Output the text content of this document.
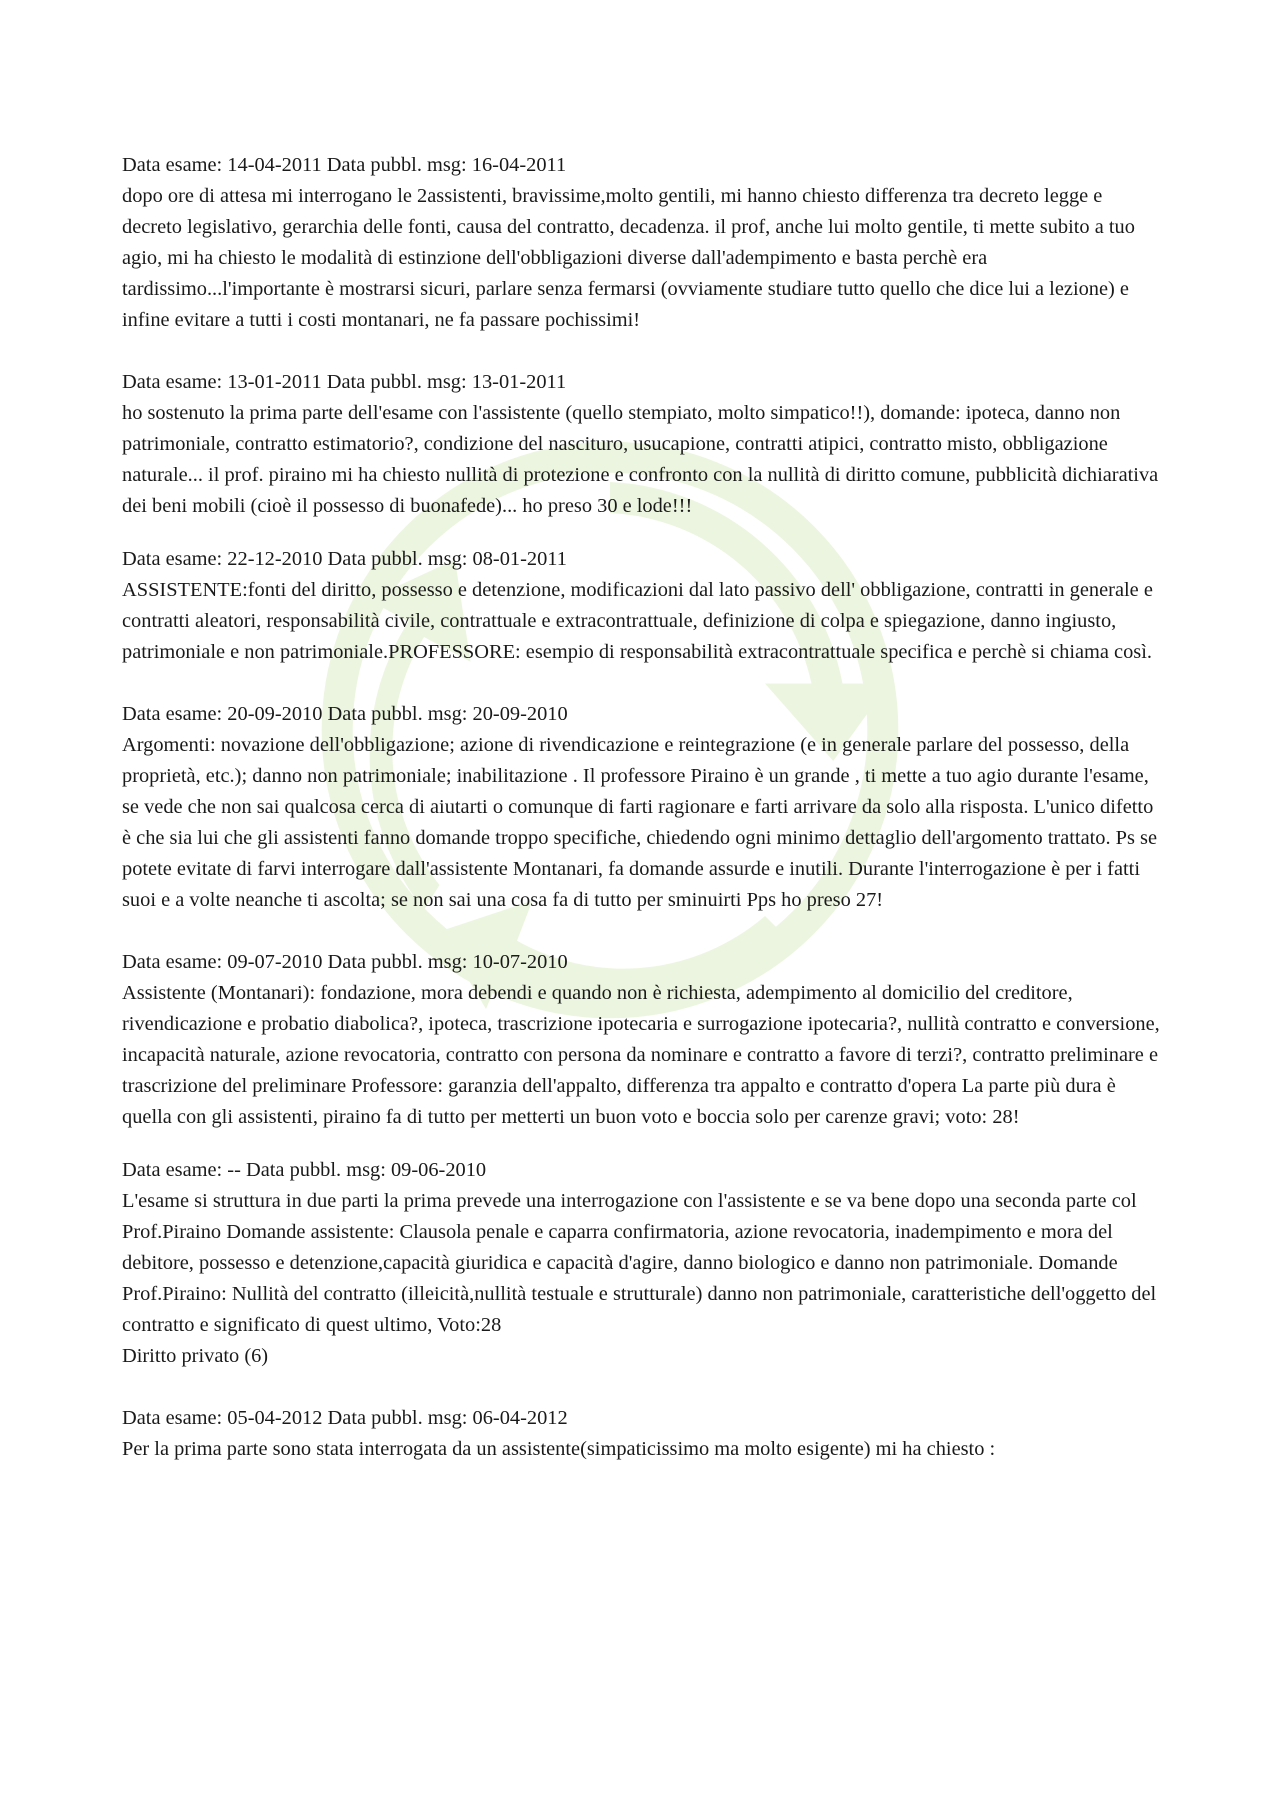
Data esame: 14-04-2011 Data pubbl. msg: 16-04-2011

dopo ore di attesa mi interrogano le 2assistenti, bravissime,molto gentili, mi hanno chiesto differenza tra decreto legge e decreto legislativo, gerarchia delle fonti, causa del contratto, decadenza. il prof, anche lui molto gentile, ti mette subito a tuo agio, mi ha chiesto le modalità di estinzione dell'obbligazioni diverse dall'adempimento e basta perchè era tardissimo...l'importante è mostrarsi sicuri, parlare senza fermarsi (ovviamente studiare tutto quello che dice lui a lezione) e infine evitare a tutti i costi montanari, ne fa passare pochissimi!

Data esame: 13-01-2011 Data pubbl. msg: 13-01-2011

ho sostenuto la prima parte dell'esame con l'assistente (quello stempiato, molto simpatico!!), domande: ipoteca, danno non patrimoniale, contratto estimatorio?, condizione del nascituro, usucapione, contratti atipici, contratto misto, obbligazione naturale... il prof. piraino mi ha chiesto nullità di protezione e confronto con la nullità di diritto comune, pubblicità dichiarativa dei beni mobili (cioè il possesso di buonafede)... ho preso 30 e lode!!!

Data esame: 22-12-2010 Data pubbl. msg: 08-01-2011

ASSISTENTE:fonti del diritto, possesso e detenzione, modificazioni dal lato passivo dell' obbligazione, contratti in generale e contratti aleatori, responsabilità civile, contrattuale e extracontrattuale, definizione di colpa e spiegazione, danno ingiusto, patrimoniale e non patrimoniale.PROFESSORE: esempio di responsabilità extracontrattuale specifica e perchè si chiama così.

Data esame: 20-09-2010 Data pubbl. msg: 20-09-2010

Argomenti: novazione dell'obbligazione; azione di rivendicazione e reintegrazione (e in generale parlare del possesso, della proprietà, etc.); danno non patrimoniale; inabilitazione . Il professore Piraino è un grande , ti mette a tuo agio durante l'esame, se vede che non sai qualcosa cerca di aiutarti o comunque di farti ragionare e farti arrivare da solo alla risposta. L'unico difetto è che sia lui che gli assistenti fanno domande troppo specifiche, chiedendo ogni minimo dettaglio dell'argomento trattato. Ps se potete evitate di farvi interrogare dall'assistente Montanari, fa domande assurde e inutili. Durante l'interrogazione è per i fatti suoi e a volte neanche ti ascolta; se non sai una cosa fa di tutto per sminuirti Pps ho preso 27!

Data esame: 09-07-2010 Data pubbl. msg: 10-07-2010

Assistente (Montanari): fondazione, mora debendi e quando non è richiesta, adempimento al domicilio del creditore, rivendicazione e probatio diabolica?, ipoteca, trascrizione ipotecaria e surrogazione ipotecaria?, nullità contratto e conversione, incapacità naturale, azione revocatoria, contratto con persona da nominare e contratto a favore di terzi?, contratto preliminare e trascrizione del preliminare Professore: garanzia dell'appalto, differenza tra appalto e contratto d'opera La parte più dura è quella con gli assistenti, piraino fa di tutto per metterti un buon voto e boccia solo per carenze gravi; voto: 28!

Data esame: -- Data pubbl. msg: 09-06-2010

L'esame si struttura in due parti la prima prevede una interrogazione con l'assistente e se va bene dopo una seconda parte col Prof.Piraino Domande assistente: Clausola penale e caparra confirmatoria, azione revocatoria, inadempimento e mora del debitore, possesso e detenzione,capacità giuridica e capacità d'agire, danno biologico e danno non patrimoniale. Domande Prof.Piraino: Nullità del contratto (illeicità,nullità testuale e strutturale) danno non patrimoniale, caratteristiche dell'oggetto del contratto e significato di quest ultimo, Voto:28

Diritto privato (6)

Data esame: 05-04-2012 Data pubbl. msg: 06-04-2012

Per la prima parte sono stata interrogata da un assistente(simpaticissimo ma molto esigente) mi ha chiesto :
